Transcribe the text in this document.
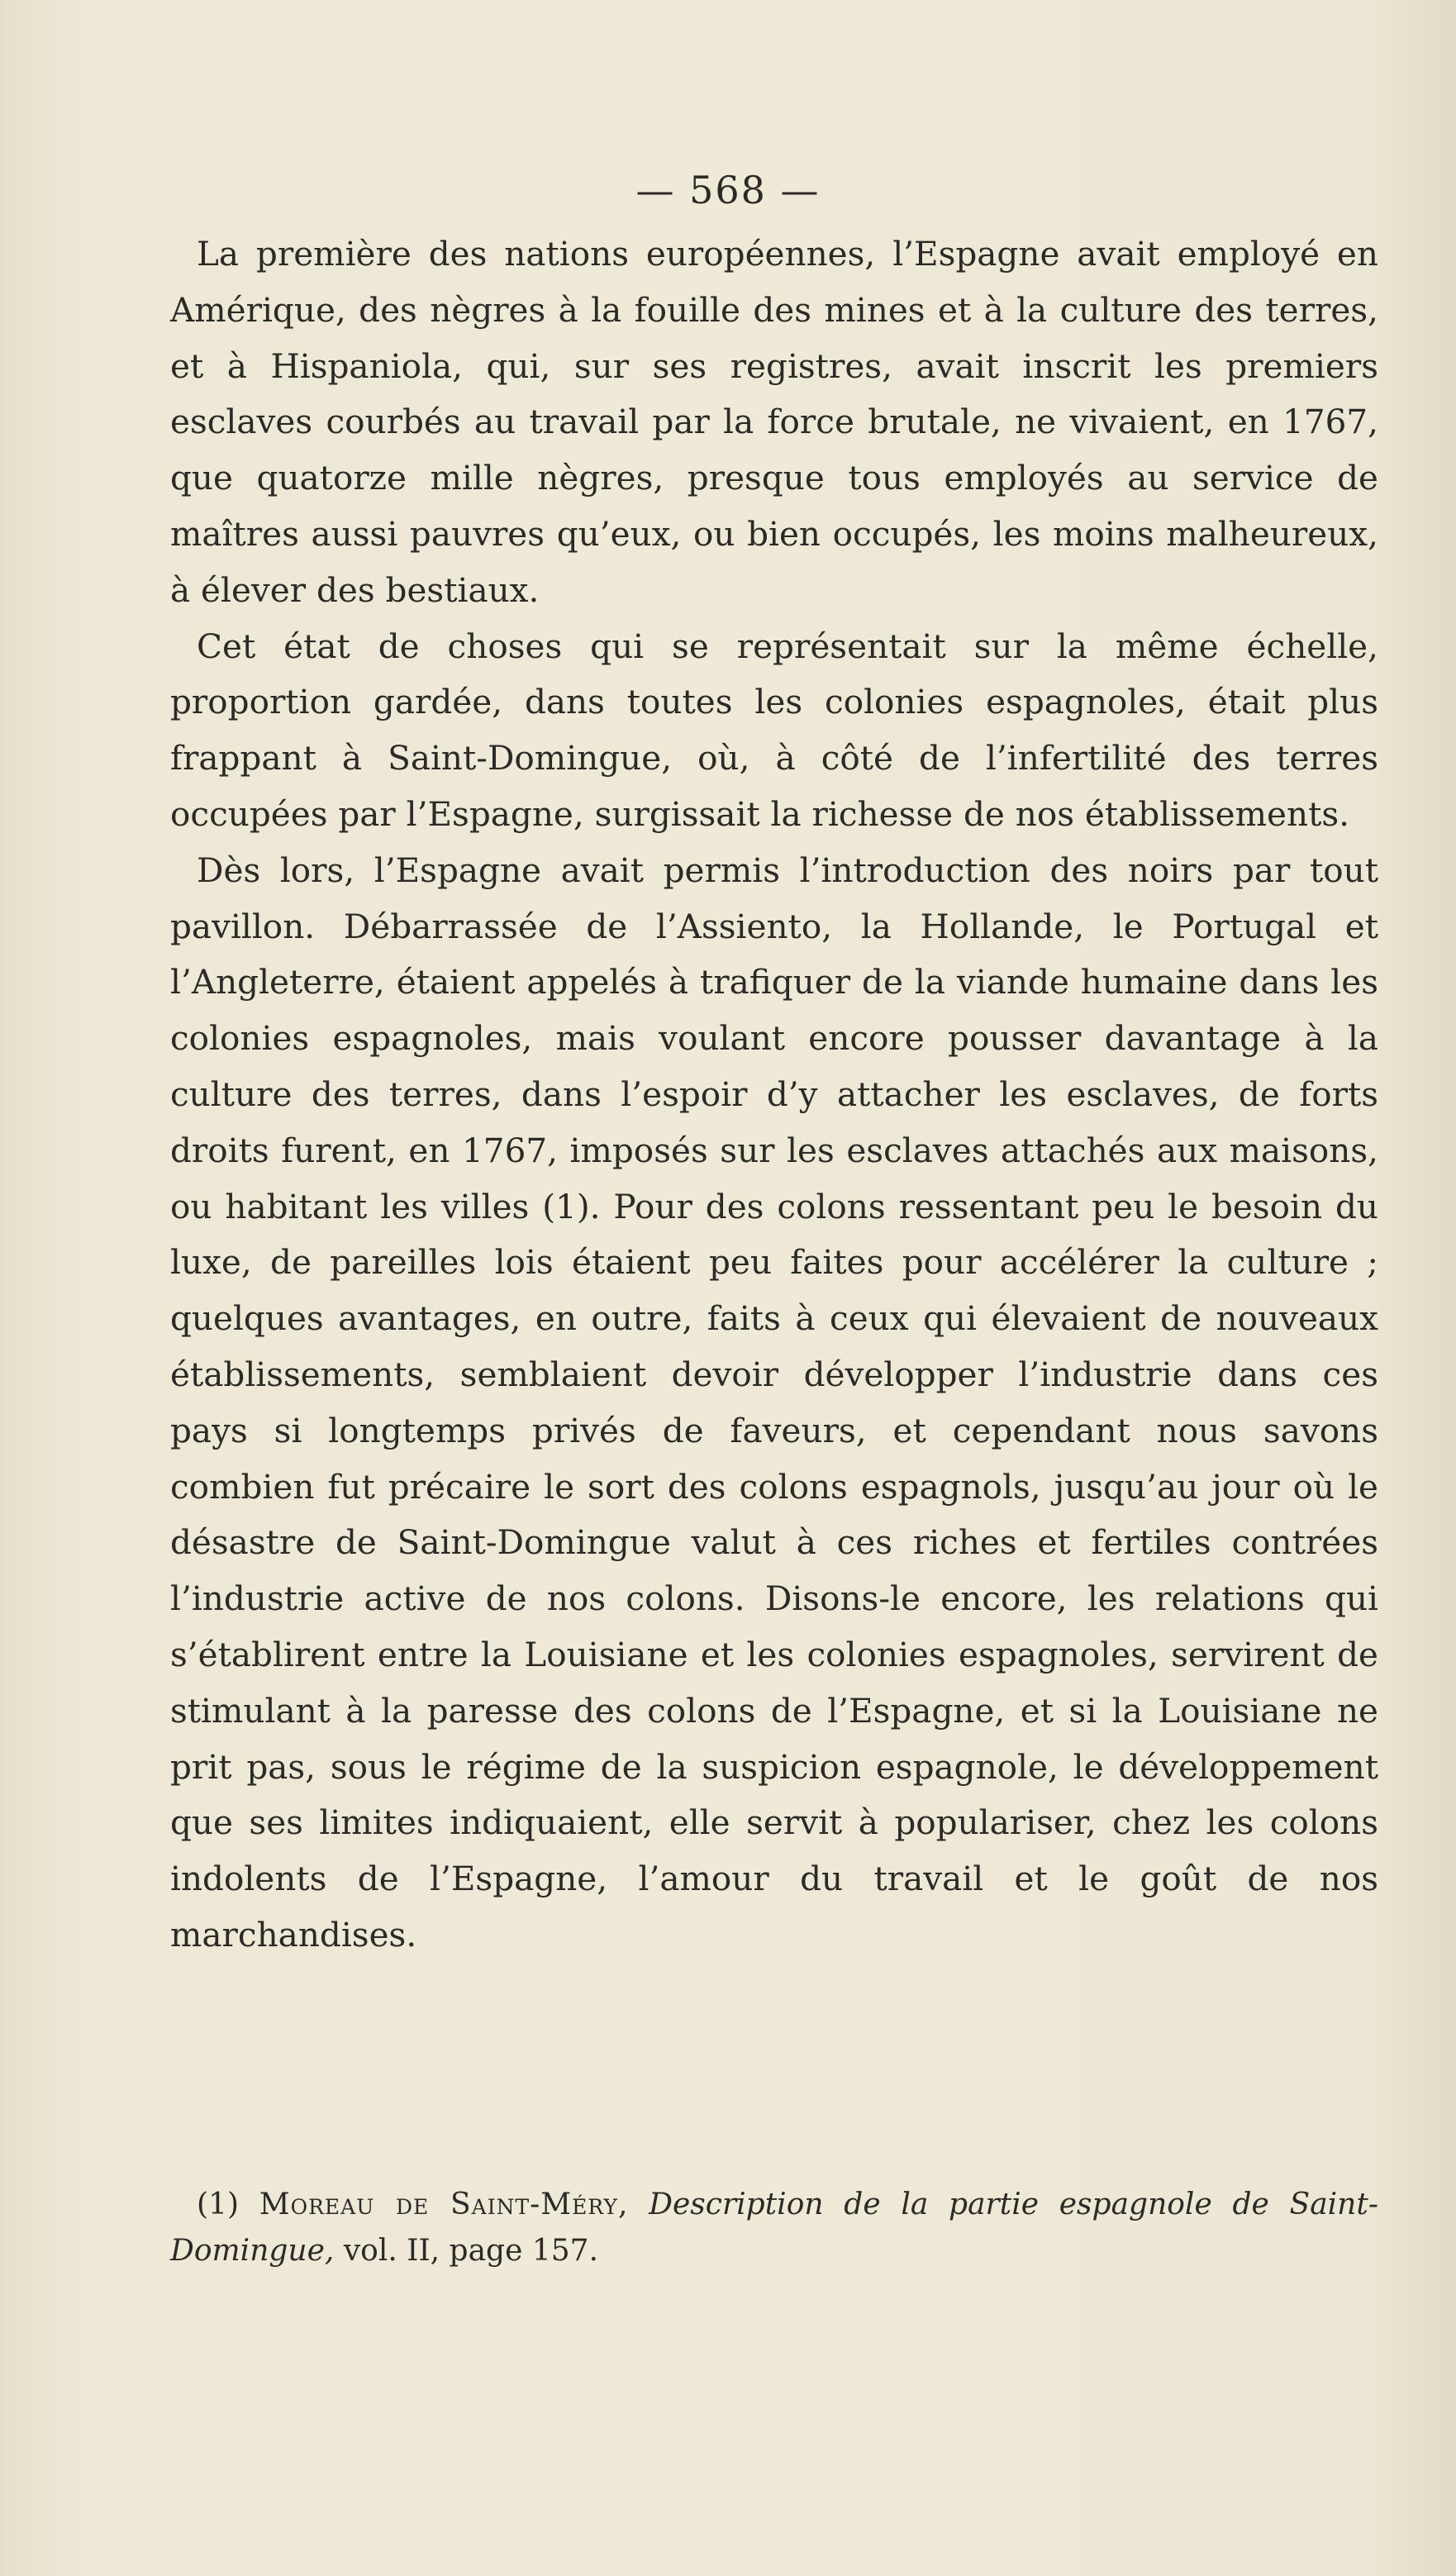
— 568 —

La première des nations européennes, l’Espagne avait employé en Amérique, des nègres à la fouille des mines et à la culture des terres, et à Hispaniola, qui, sur ses registres, avait inscrit les premiers esclaves courbés au travail par la force brutale, ne vivaient, en 1767, que quatorze mille nègres, presque tous employés au service de maîtres aussi pauvres qu’eux, ou bien occupés, les moins malheureux, à élever des bestiaux.

Cet état de choses qui se représentait sur la même échelle, proportion gardée, dans toutes les colonies espagnoles, était plus frappant à Saint-Domingue, où, à côté de l’infertilité des terres occupées par l’Espagne, surgissait la richesse de nos établissements.

Dès lors, l’Espagne avait permis l’introduction des noirs par tout pavillon. Débarrassée de l’Assiento, la Hollande, le Portugal et l’Angleterre, étaient appelés à trafiquer de la viande humaine dans les colonies espagnoles, mais voulant encore pousser davantage à la culture des terres, dans l’espoir d’y attacher les esclaves, de forts droits furent, en 1767, imposés sur les esclaves attachés aux maisons, ou habitant les villes (1). Pour des colons ressentant peu le besoin du luxe, de pareilles lois étaient peu faites pour accélérer la culture ; quelques avantages, en outre, faits à ceux qui élevaient de nouveaux établissements, semblaient devoir développer l’industrie dans ces pays si longtemps privés de faveurs, et cependant nous savons combien fut précaire le sort des colons espagnols, jusqu’au jour où le désastre de Saint-Domingue valut à ces riches et fertiles contrées l’industrie active de nos colons. Disons-le encore, les relations qui s’établirent entre la Louisiane et les colonies espagnoles, servirent de stimulant à la paresse des colons de l’Espagne, et si la Louisiane ne prit pas, sous le régime de la suspicion espagnole, le développement que ses limites indiquaient, elle servit à populariser, chez les colons indolents de l’Espagne, l’amour du travail et le goût de nos marchandises.

(1) Moreau de Saint-Méry, Description de la partie espagnole de Saint-Domingue, vol. II, page 157.
